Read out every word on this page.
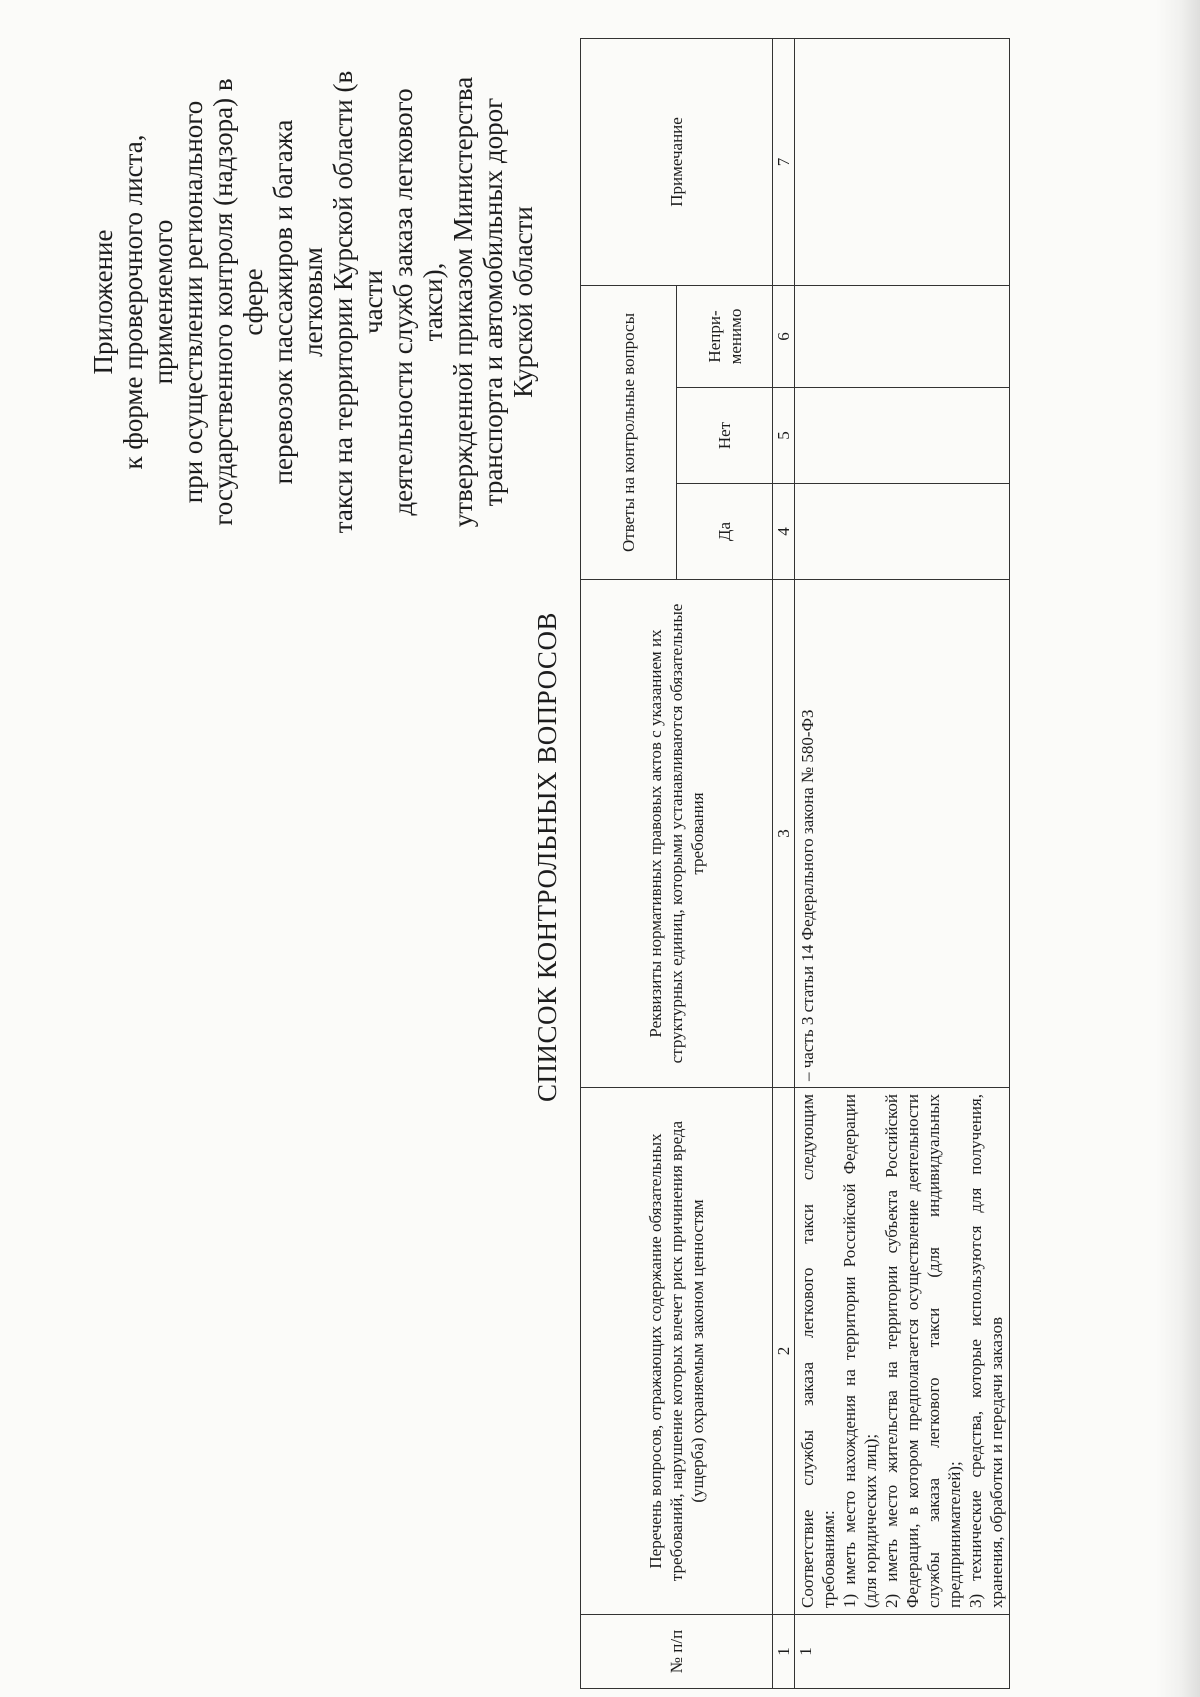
Приложение к форме проверочного листа, применяемого при осуществлении регионального государственного контроля (надзора) в сфере перевозок пассажиров и багажа легковым такси на территории Курской области (в части деятельности служб заказа легкового такси), утвержденной приказом Министерства транспорта и автомобильных дорог Курской области
СПИСОК КОНТРОЛЬНЫХ ВОПРОСОВ
№ п/п	Перечень вопросов, отражающих содержание обязательных требований, нарушение которых влечет риск причинения вреда (ущерба) охраняемым законом ценностям	Реквизиты нормативных правовых актов с указанием их структурных единиц, которыми устанавливаются обязательные требования	Ответы на контрольные вопросы			Примечание
			Да	Нет	Непри-
менимо	
1	2	3	4	5	6	7
1	Соответствие службы заказа легкового такси следующим требованиям: 1) иметь место нахождения на территории Российской Федерации (для юридических лиц); 2) иметь место жительства на территории субъекта Российской Федерации, в котором предполагается осуществление деятельности службы заказа легкового такси (для индивидуальных предпринимателей); 3) технические средства, которые используются для получения, хранения, обработки и передачи заказов	– часть 3 статьи 14 Федерального закона № 580-ФЗ				
